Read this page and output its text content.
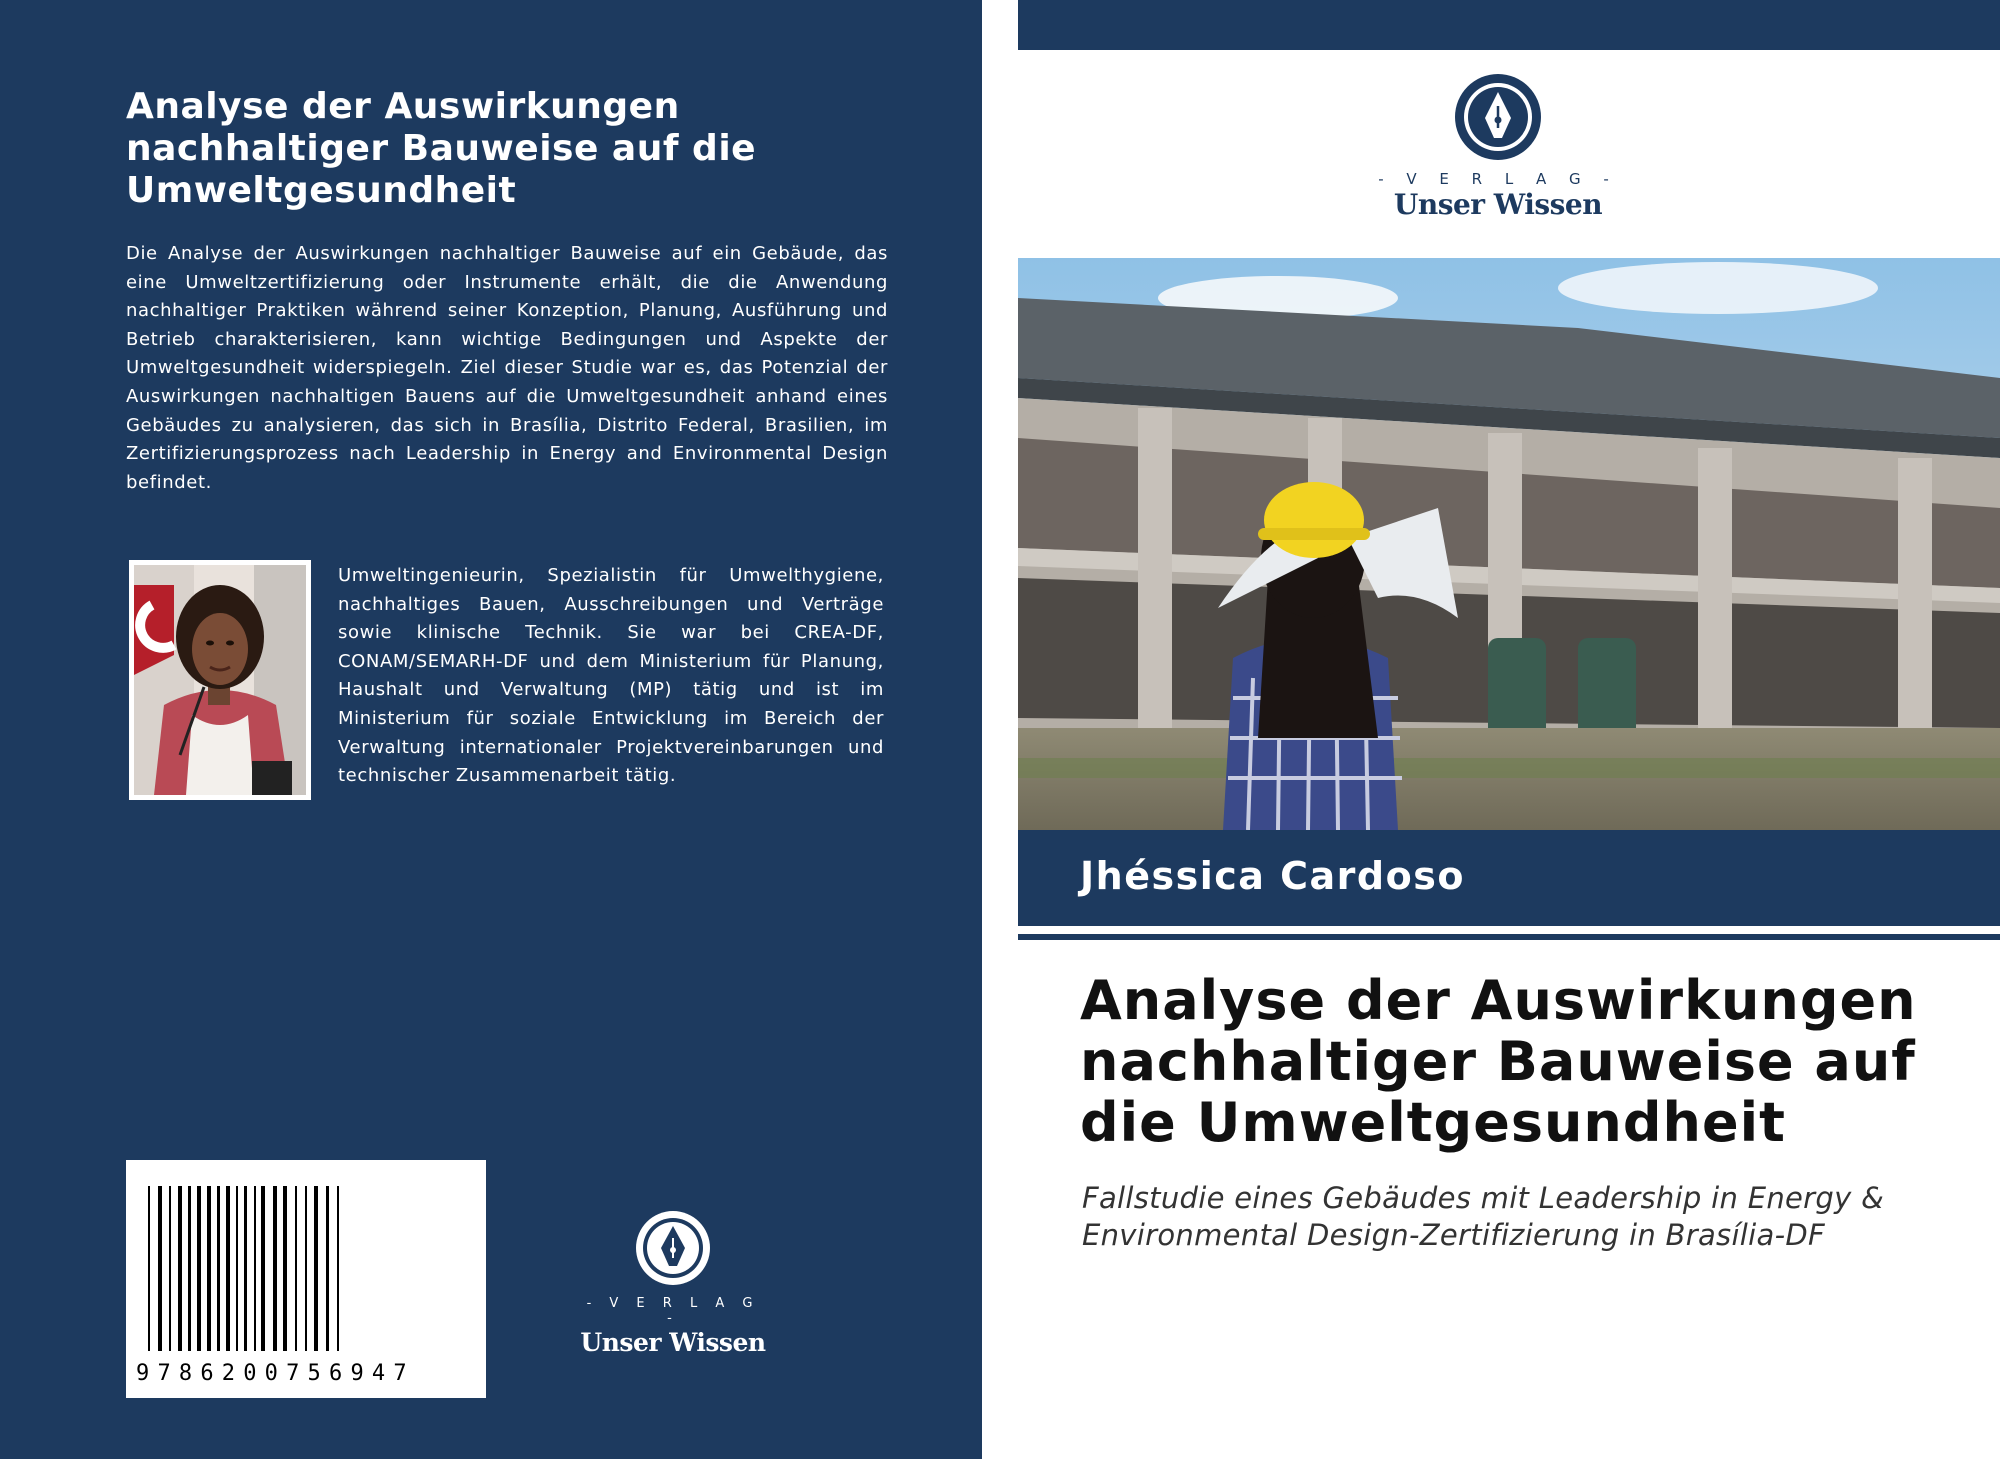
Analyse der Auswirkungen nachhaltiger Bauweise auf die Umweltgesundheit

Die Analyse der Auswirkungen nachhaltiger Bauweise auf ein Gebäude, das eine Umweltzertifizierung oder Instrumente erhält, die die Anwendung nachhaltiger Praktiken während seiner Konzeption, Planung, Ausführung und Betrieb charakterisieren, kann wichtige Bedingungen und Aspekte der Umweltgesundheit widerspiegeln. Ziel dieser Studie war es, das Potenzial der Auswirkungen nachhaltigen Bauens auf die Umweltgesundheit anhand eines Gebäudes zu analysieren, das sich in Brasília, Distrito Federal, Brasilien, im Zertifizierungsprozess nach Leadership in Energy and Environmental Design befindet.

Umweltingenieurin, Spezialistin für Umwelthygiene, nachhaltiges Bauen, Ausschreibungen und Verträge sowie klinische Technik. Sie war bei CREA-DF, CONAM/SEMARH-DF und dem Ministerium für Planung, Haushalt und Verwaltung (MP) tätig und ist im Ministerium für soziale Entwicklung im Bereich der Verwaltung internationaler Projektvereinbarungen und technischer Zusammenarbeit tätig.

9786200756947
- V E R L A G -
Unser Wissen
- V E R L A G -
Unser Wissen
Jhéssica Cardoso
Analyse der Auswirkungen nachhaltiger Bauweise auf die Umweltgesundheit

Fallstudie eines Gebäudes mit Leadership in Energy & Environmental Design-Zertifizierung in Brasília-DF
